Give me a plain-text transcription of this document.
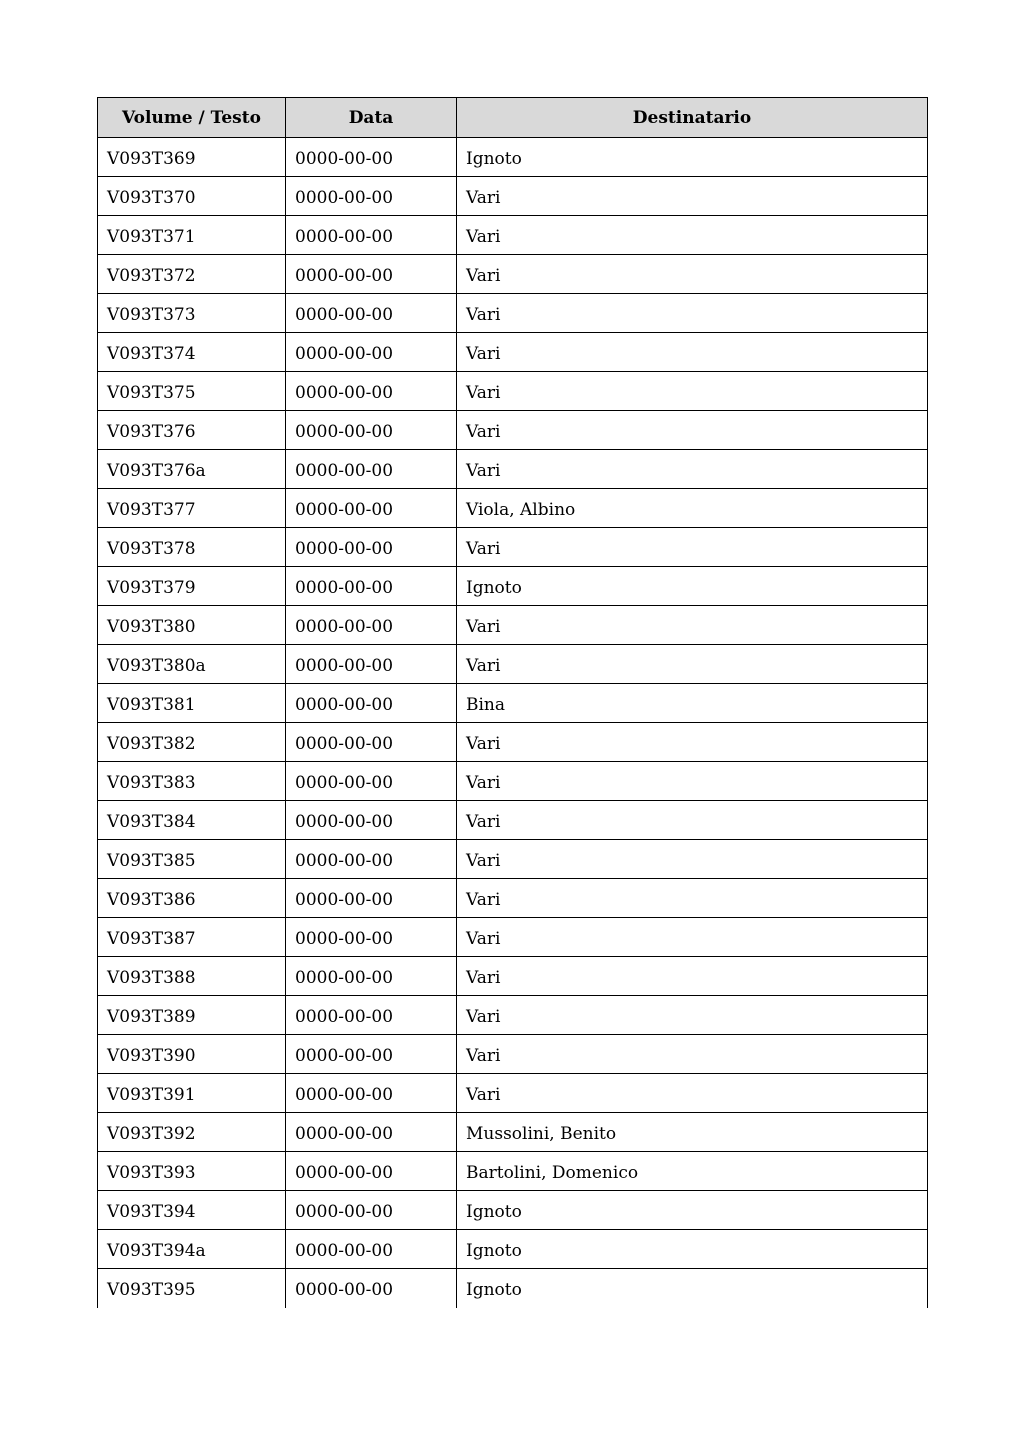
Volume / Testo	Data	Destinatario
V093T369	0000-00-00	Ignoto
V093T370	0000-00-00	Vari
V093T371	0000-00-00	Vari
V093T372	0000-00-00	Vari
V093T373	0000-00-00	Vari
V093T374	0000-00-00	Vari
V093T375	0000-00-00	Vari
V093T376	0000-00-00	Vari
V093T376a	0000-00-00	Vari
V093T377	0000-00-00	Viola, Albino
V093T378	0000-00-00	Vari
V093T379	0000-00-00	Ignoto
V093T380	0000-00-00	Vari
V093T380a	0000-00-00	Vari
V093T381	0000-00-00	Bina
V093T382	0000-00-00	Vari
V093T383	0000-00-00	Vari
V093T384	0000-00-00	Vari
V093T385	0000-00-00	Vari
V093T386	0000-00-00	Vari
V093T387	0000-00-00	Vari
V093T388	0000-00-00	Vari
V093T389	0000-00-00	Vari
V093T390	0000-00-00	Vari
V093T391	0000-00-00	Vari
V093T392	0000-00-00	Mussolini, Benito
V093T393	0000-00-00	Bartolini, Domenico
V093T394	0000-00-00	Ignoto
V093T394a	0000-00-00	Ignoto
V093T395	0000-00-00	Ignoto
